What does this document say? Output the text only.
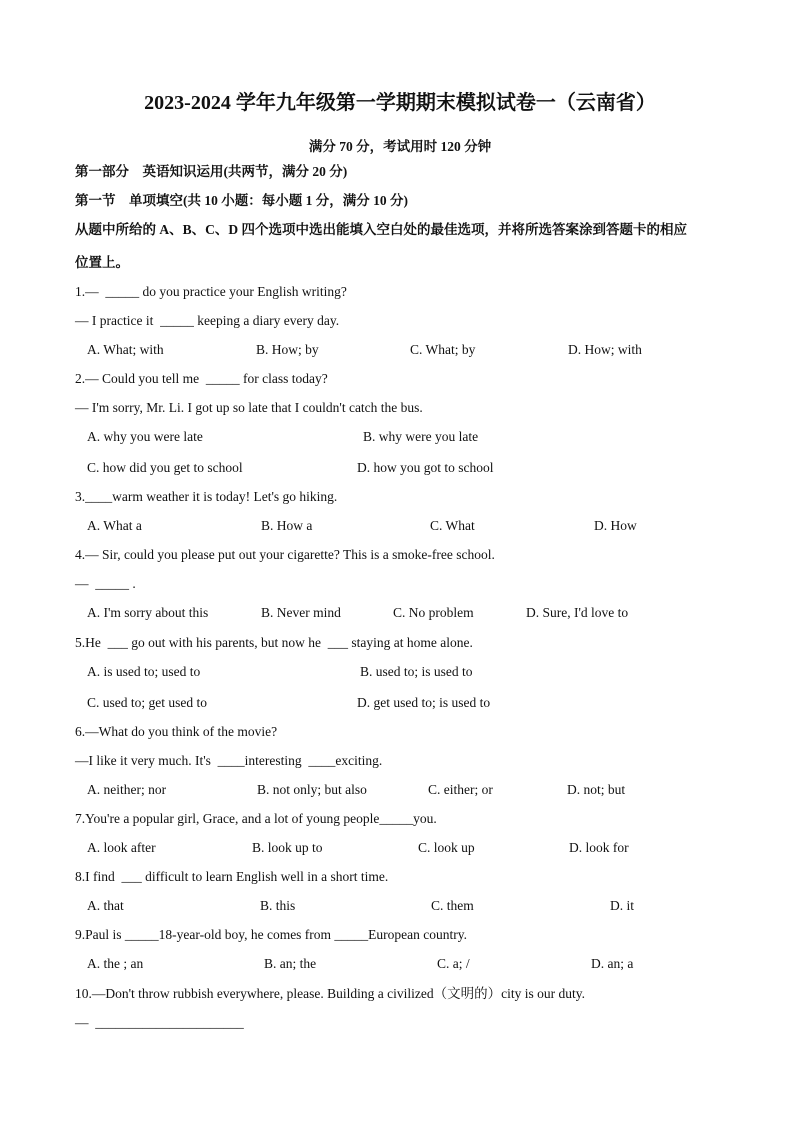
2023-2024 学年九年级第一学期期末模拟试卷一（云南省）
满分 70 分，考试用时 120 分钟
第一部分　英语知识运用(共两节，满分 20 分)
第一节　单项填空(共 10 小题：每小题 1 分，满分 10 分)
从题中所给的 A、B、C、D 四个选项中选出能填入空白处的最佳选项，并将所选答案涂到答题卡的相应
位置上。
1.—  _____ do you practice your English writing?
— I practice it  _____ keeping a diary every day.
A. What; with	B. How; by	C. What; by	D. How; with
2.— Could you tell me  _____ for class today?
— I'm sorry, Mr. Li. I got up so late that I couldn't catch the bus.
A. why you were late	B. why were you late
C. how did you get to school	D. how you got to school
3.____warm weather it is today! Let's go hiking.
A. What a	B. How a	C. What	D. How
4.— Sir, could you please put out your cigarette? This is a smoke-free school.
—  _____ .
A. I'm sorry about this	B. Never mind	C. No problem	D. Sure, I'd love to
5.He  ___ go out with his parents, but now he  ___ staying at home alone.
A. is used to; used to	B. used to; is used to
C. used to; get used to	D. get used to; is used to
6.—What do you think of the movie?
—I like it very much. It's  ____interesting  ____exciting.
A. neither; nor	B. not only; but also	C. either; or	D. not; but
7.You're a popular girl, Grace, and a lot of young people_____you.
A. look after	B. look up to	C. look up	D. look for
8.I find  ___ difficult to learn English well in a short time.
A. that	B. this	C. them	D. it
9.Paul is _____18-year-old boy, he comes from _____European country.
A. the ; an	B. an; the	C. a; /	D. an; a
10.—Don't throw rubbish everywhere, please. Building a civilized（文明的）city is our duty.
—  ______________________
